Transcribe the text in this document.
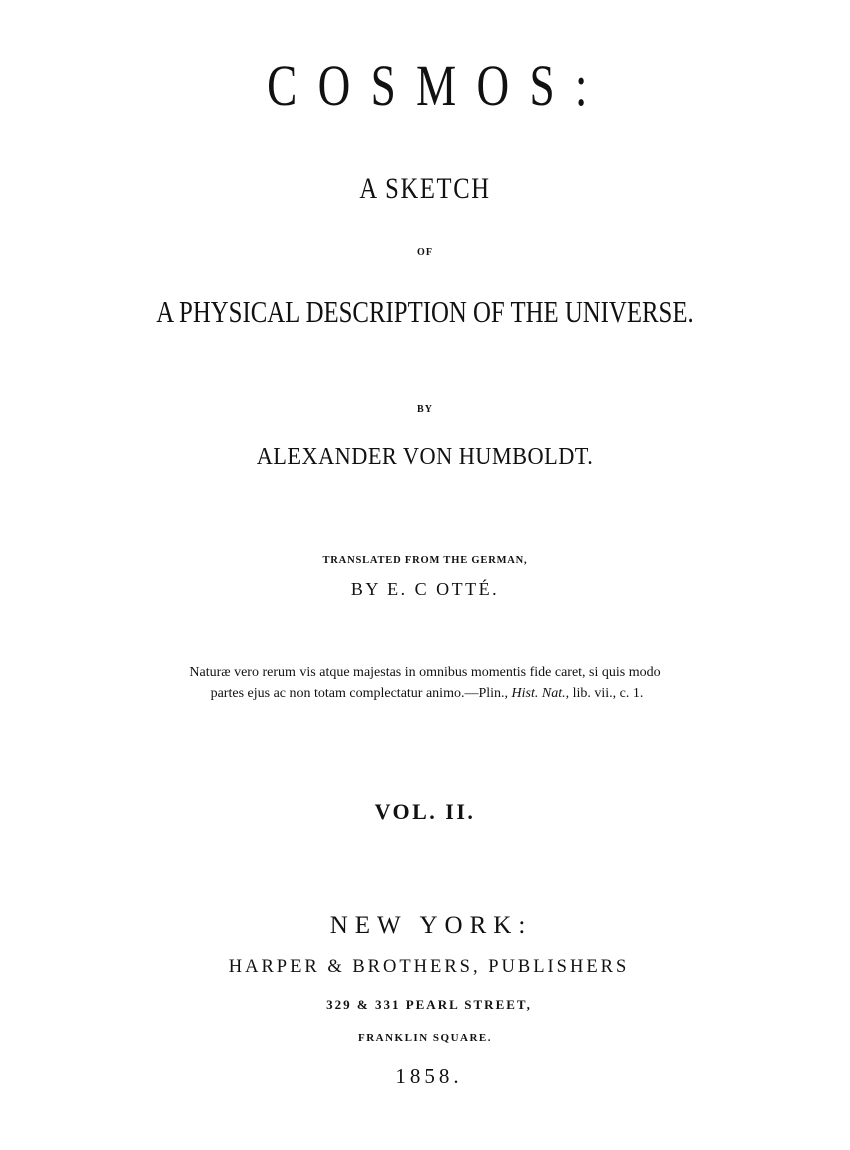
COSMOS:
A SKETCH
OF
A PHYSICAL DESCRIPTION OF THE UNIVERSE.
BY
ALEXANDER VON HUMBOLDT.
TRANSLATED FROM THE GERMAN,
BY E. C OTTÉ.
Naturæ vero rerum vis atque majestas in omnibus momentis fide caret, si quis modo
partes ejus ac non totam complectatur animo.—Plin., Hist. Nat., lib. vii., c. 1.
VOL. II.
NEW YORK:
HARPER & BROTHERS, PUBLISHERS
329 & 331 PEARL STREET,
FRANKLIN SQUARE.
1858.
